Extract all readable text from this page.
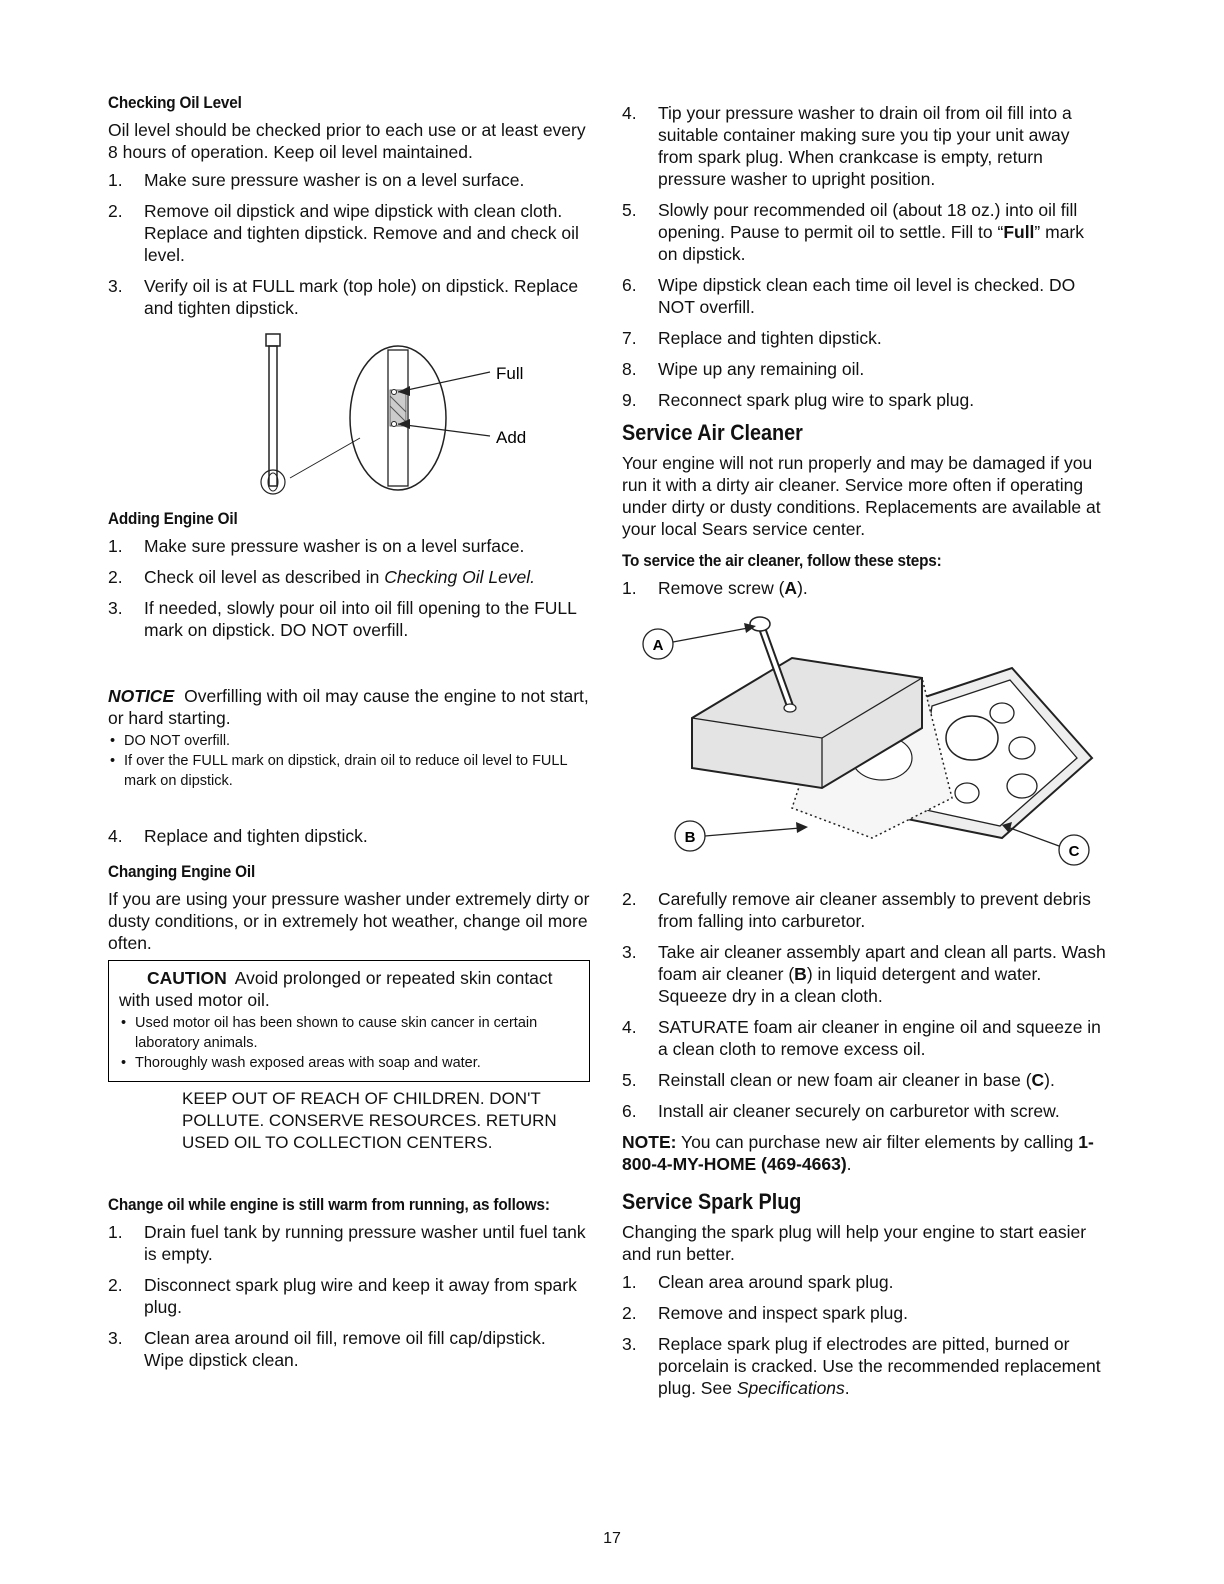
Checking Oil Level

Oil level should be checked prior to each use or at least every 8 hours of operation. Keep oil level maintained.

1. Make sure pressure washer is on a level surface.
2. Remove oil dipstick and wipe dipstick with clean cloth. Replace and tighten dipstick. Remove and and check oil level.
3. Verify oil is at FULL mark (top hole) on dipstick. Replace and tighten dipstick.
Full
Add
Adding Engine Oil
1. Make sure pressure washer is on a level surface.
2. Check oil level as described in Checking Oil Level.
3. If needed, slowly pour oil into oil fill opening to the FULL mark on dipstick. DO NOT overfill.

NOTICE Overfilling with oil may cause the engine to not start, or hard starting.

• DO NOT overfill.

• If over the FULL mark on dipstick, drain oil to reduce oil level to FULL mark on dipstick.

4. Replace and tighten dipstick.
Changing Engine Oil

If you are using your pressure washer under extremely dirty or dusty conditions, or in extremely hot weather, change oil more often.

CAUTION Avoid prolonged or repeated skin contact with used motor oil.

• Used motor oil has been shown to cause skin cancer in certain laboratory animals.

• Thoroughly wash exposed areas with soap and water.

KEEP OUT OF REACH OF CHILDREN. DON'T POLLUTE. CONSERVE RESOURCES. RETURN USED OIL TO COLLECTION CENTERS.
Change oil while engine is still warm from running, as follows:
1. Drain fuel tank by running pressure washer until fuel tank is empty.
2. Disconnect spark plug wire and keep it away from spark plug.
3. Clean area around oil fill, remove oil fill cap/dipstick. Wipe dipstick clean.
4. Tip your pressure washer to drain oil from oil fill into a suitable container making sure you tip your unit away from spark plug. When crankcase is empty, return pressure washer to upright position.
5. Slowly pour recommended oil (about 18 oz.) into oil fill opening. Pause to permit oil to settle. Fill to “Full” mark on dipstick.
6. Wipe dipstick clean each time oil level is checked. DO NOT overfill.
7. Replace and tighten dipstick.
8. Wipe up any remaining oil.
9. Reconnect spark plug wire to spark plug.
Service Air Cleaner

Your engine will not run properly and may be damaged if you run it with a dirty air cleaner. Service more often if operating under dirty or dusty conditions. Replacements are available at your local Sears service center.

To service the air cleaner, follow these steps:
1. Remove screw (A).
A
B
C
2. Carefully remove air cleaner assembly to prevent debris from falling into carburetor.
3. Take air cleaner assembly apart and clean all parts. Wash foam air cleaner (B) in liquid detergent and water. Squeeze dry in a clean cloth.
4. SATURATE foam air cleaner in engine oil and squeeze in a clean cloth to remove excess oil.
5. Reinstall clean or new foam air cleaner in base (C).
6. Install air cleaner securely on carburetor with screw.

NOTE: You can purchase new air filter elements by calling 1-800-4-MY-HOME (469-4663).

Service Spark Plug

Changing the spark plug will help your engine to start easier and run better.

1. Clean area around spark plug.
2. Remove and inspect spark plug.
3. Replace spark plug if electrodes are pitted, burned or porcelain is cracked. Use the recommended replacement plug. See Specifications.
17
